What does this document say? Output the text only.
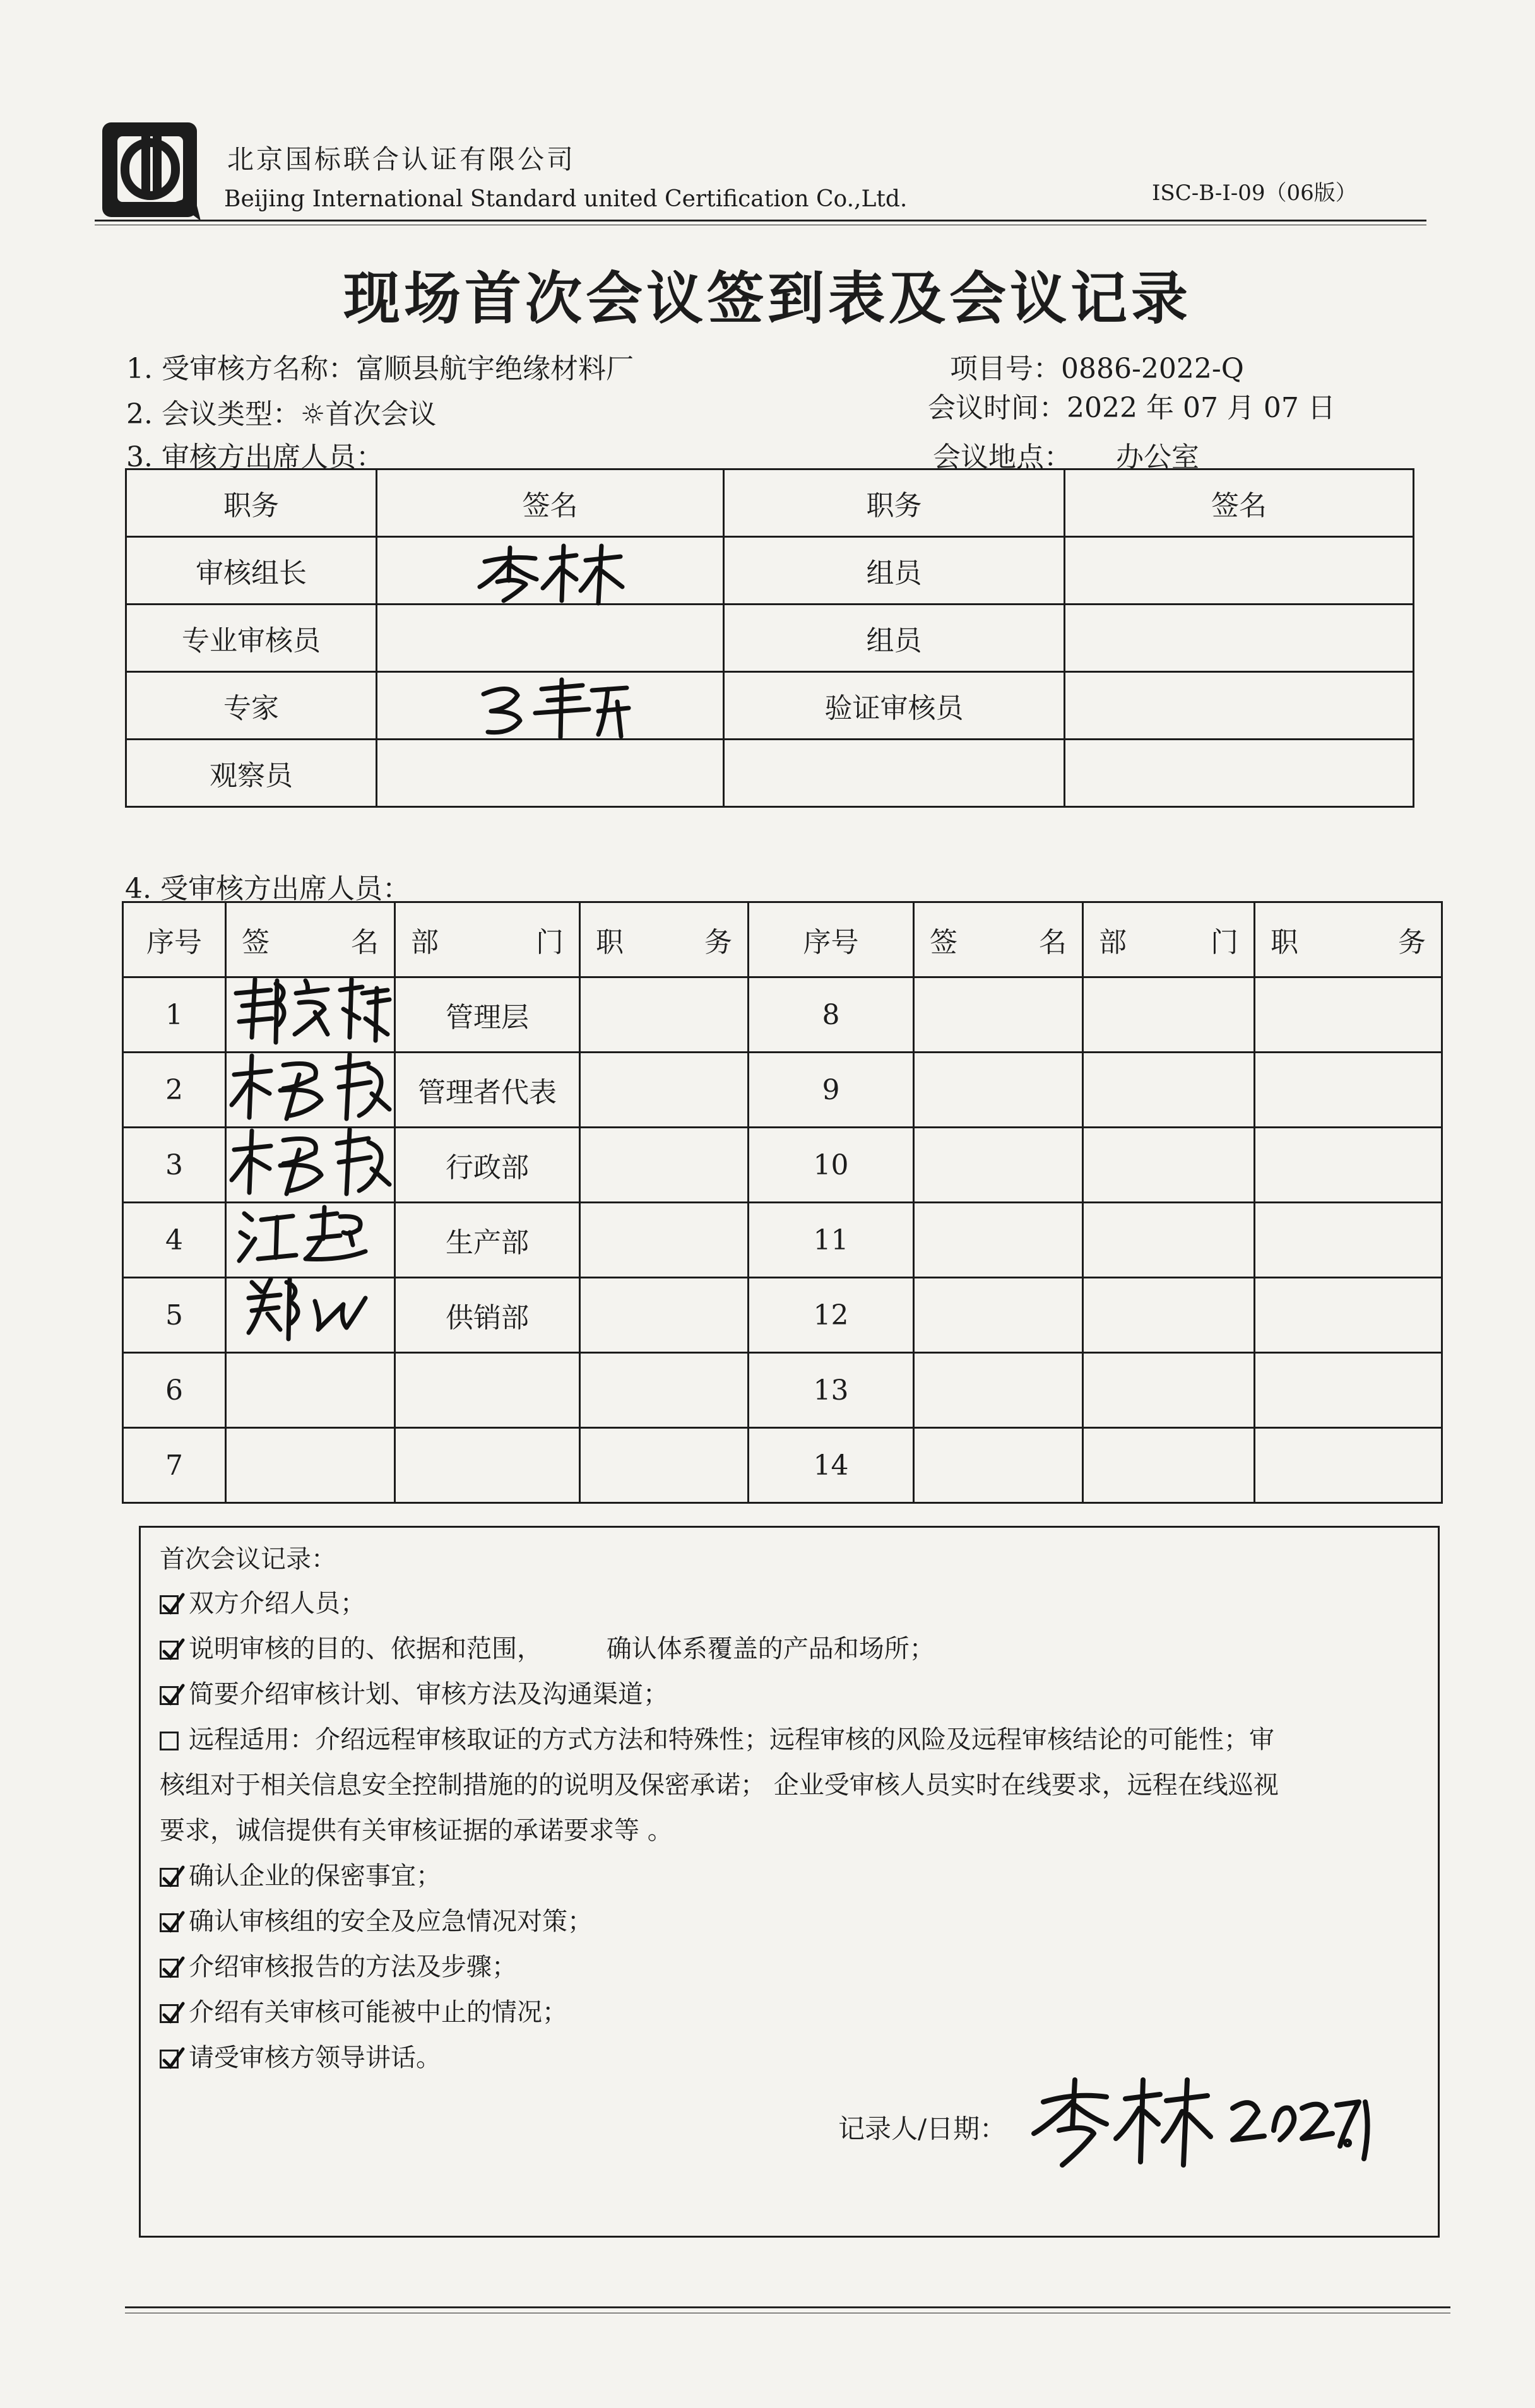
北京国标联合认证有限公司
Beijing International Standard united Certification Co.,Ltd.	ISC-B-I-09（06版）
现场首次会议签到表及会议记录
1. 受审核方名称：富顺县航宇绝缘材料厂	项目号：0886-2022-Q
2. 会议类型：☼首次会议	会议时间：2022 年 07 月 07 日
3. 审核方出席人员：	会议地点： 办公室
职务	签名	职务	签名
审核组长		组员	
专业审核员		组员	
专家		验证审核员	
观察员			
4. 受审核方出席人员：
序号	签 名	部 门	职 务	序号	签 名	部 门	职 务

1		管理层		8			
2		管理者代表		9			
3		行政部		10			
4		生产部		11			
5		供销部		12			
6				13			
7				14			
首次会议记录：
双方介绍人员；
说明审核的目的、依据和范围，        确认体系覆盖的产品和场所；
简要介绍审核计划、审核方法及沟通渠道；
远程适用：介绍远程审核取证的方式方法和特殊性；远程审核的风险及远程审核结论的可能性；审
核组对于相关信息安全控制措施的的说明及保密承诺； 企业受审核人员实时在线要求，远程在线巡视
要求，诚信提供有关审核证据的承诺要求等 。
确认企业的保密事宜；
确认审核组的安全及应急情况对策；
介绍审核报告的方法及步骤；
介绍有关审核可能被中止的情况；
请受审核方领导讲话。
记录人/日期：
